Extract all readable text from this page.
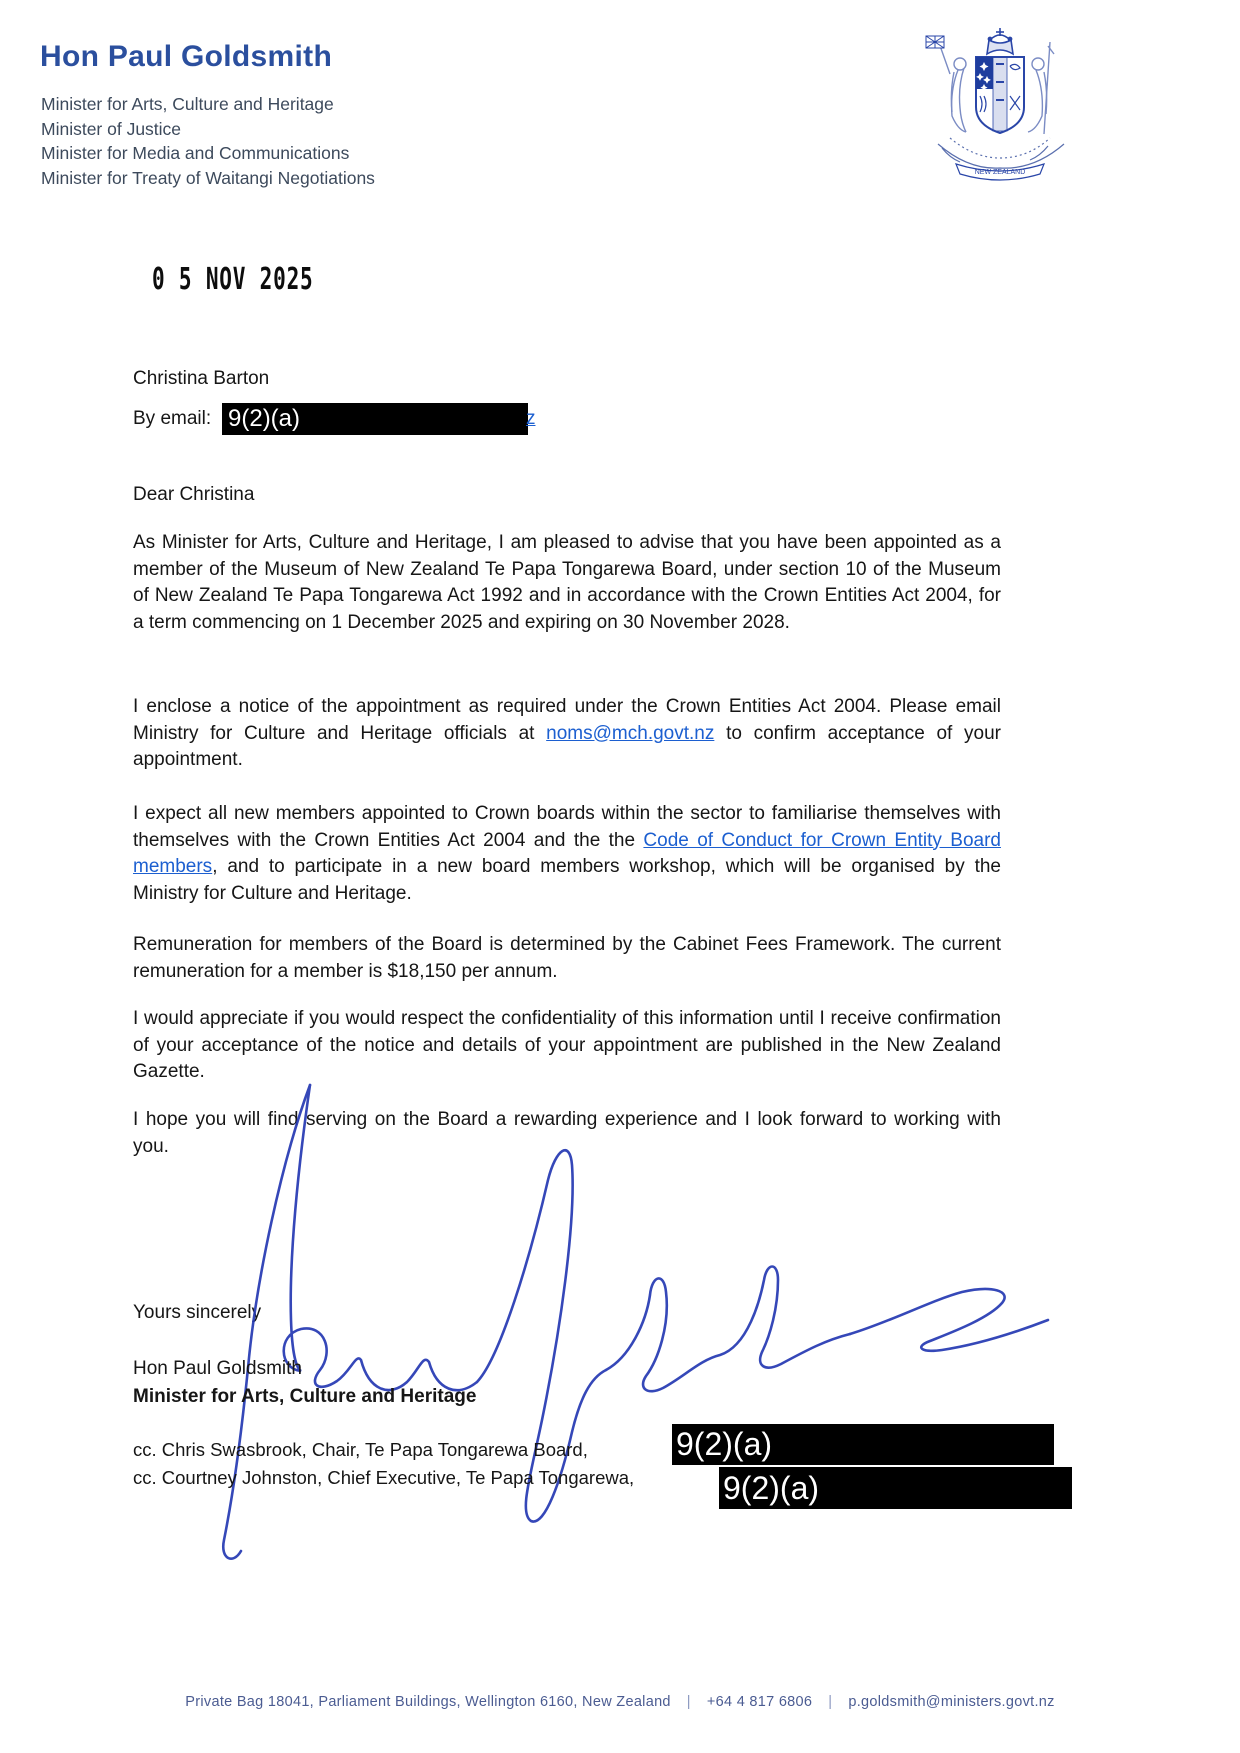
Hon Paul Goldsmith
Minister for Arts, Culture and Heritage
Minister of Justice
Minister for Media and Communications
Minister for Treaty of Waitangi Negotiations	NEW ZEALAND
0 5 NOV 2025
Christina Barton
By email: 9(2)(a)	z
Dear Christina
As Minister for Arts, Culture and Heritage, I am pleased to advise that you have been appointed as a member of the Museum of New Zealand Te Papa Tongarewa Board, under section 10 of the Museum of New Zealand Te Papa Tongarewa Act 1992 and in accordance with the Crown Entities Act 2004, for a term commencing on 1 December 2025 and expiring on 30 November 2028.
I enclose a notice of the appointment as required under the Crown Entities Act 2004. Please email Ministry for Culture and Heritage officials at noms@mch.govt.nz to confirm acceptance of your appointment.
I expect all new members appointed to Crown boards within the sector to familiarise themselves with themselves with the Crown Entities Act 2004 and the the Code of Conduct for Crown Entity Board members, and to participate in a new board members workshop, which will be organised by the Ministry for Culture and Heritage.
Remuneration for members of the Board is determined by the Cabinet Fees Framework. The current remuneration for a member is $18,150 per annum.
I would appreciate if you would respect the confidentiality of this information until I receive confirmation of your acceptance of the notice and details of your appointment are published in the New Zealand Gazette.
I hope you will find serving on the Board a rewarding experience and I look forward to working with you.
Yours sincerely
Hon Paul Goldsmith
Minister for Arts, Culture and Heritage
cc. Chris Swasbrook, Chair, Te Papa Tongarewa Board,
cc. Courtney Johnston, Chief Executive, Te Papa Tongarewa,
9(2)(a)
9(2)(a)
Private Bag 18041, Parliament Buildings, Wellington 6160, New Zealand | +64 4 817 6806 | p.goldsmith@ministers.govt.nz
